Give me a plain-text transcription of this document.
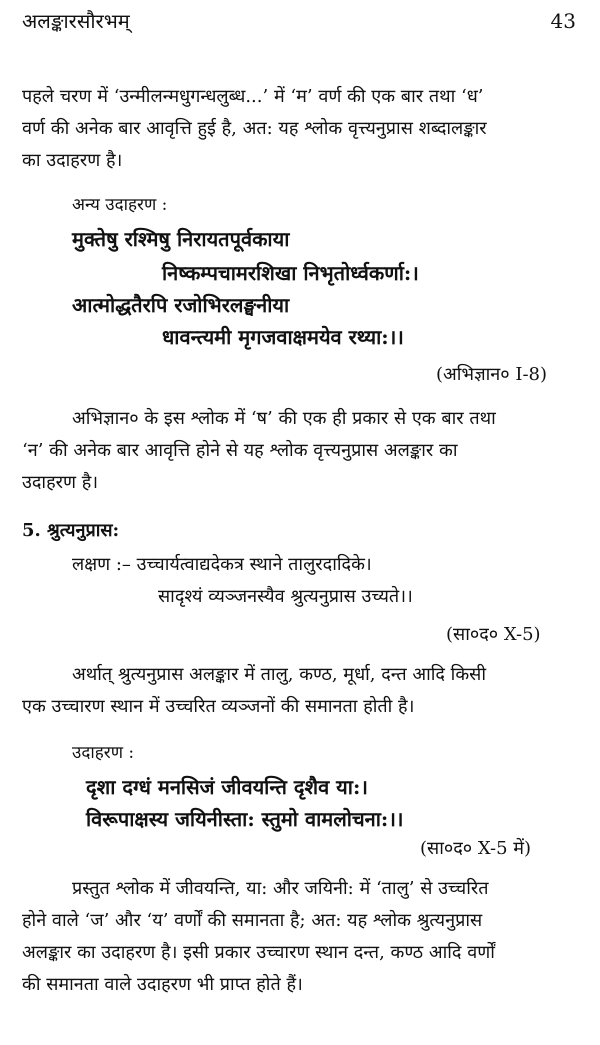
अलङ्कारसौरभम्	43
पहले चरण में ‘उन्मीलन्मधुगन्धलुब्ध...’ में ‘म’ वर्ण की एक बार तथा ‘ध’
वर्ण की अनेक बार आवृत्ति हुई है, अत: यह श्लोक वृत्त्यनुप्रास शब्दालङ्कार
का उदाहरण है।
अन्य उदाहरण :
मुक्तेषु रश्मिषु निरायतपूर्वकाया
निष्कम्पचामरशिखा निभृतोर्ध्वकर्णा:।
आत्मोद्धतैरपि रजोभिरलङ्घनीया
धावन्त्यमी मृगजवाक्षमयेव रथ्या:।।
(अभिज्ञान० I-8)
अभिज्ञान० के इस श्लोक में ‘ष’ की एक ही प्रकार से एक बार तथा
‘न’ की अनेक बार आवृत्ति होने से यह श्लोक वृत्त्यनुप्रास अलङ्कार का
उदाहरण है।
5. श्रुत्यनुप्रास:
लक्षण :– उच्चार्यत्वाद्यदेकत्र स्थाने तालुरदादिके।
सादृश्यं व्यञ्जनस्यैव श्रुत्यनुप्रास उच्यते।।
(सा०द० X-5)
अर्थात् श्रुत्यनुप्रास अलङ्कार में तालु, कण्ठ, मूर्धा, दन्त आदि किसी
एक उच्चारण स्थान में उच्चरित व्यञ्जनों की समानता होती है।
उदाहरण :
दृशा दग्धं मनसिजं जीवयन्ति दृशैव या:।
विरूपाक्षस्य जयिनीस्ता: स्तुमो वामलोचना:।।
(सा०द० X-5 में)
प्रस्तुत श्लोक में जीवयन्ति, या: और जयिनी: में ‘तालु’ से उच्चरित
होने वाले ‘ज’ और ‘य’ वर्णों की समानता है; अत: यह श्लोक श्रुत्यनुप्रास
अलङ्कार का उदाहरण है। इसी प्रकार उच्चारण स्थान दन्त, कण्ठ आदि वर्णों
की समानता वाले उदाहरण भी प्राप्त होते हैं।
